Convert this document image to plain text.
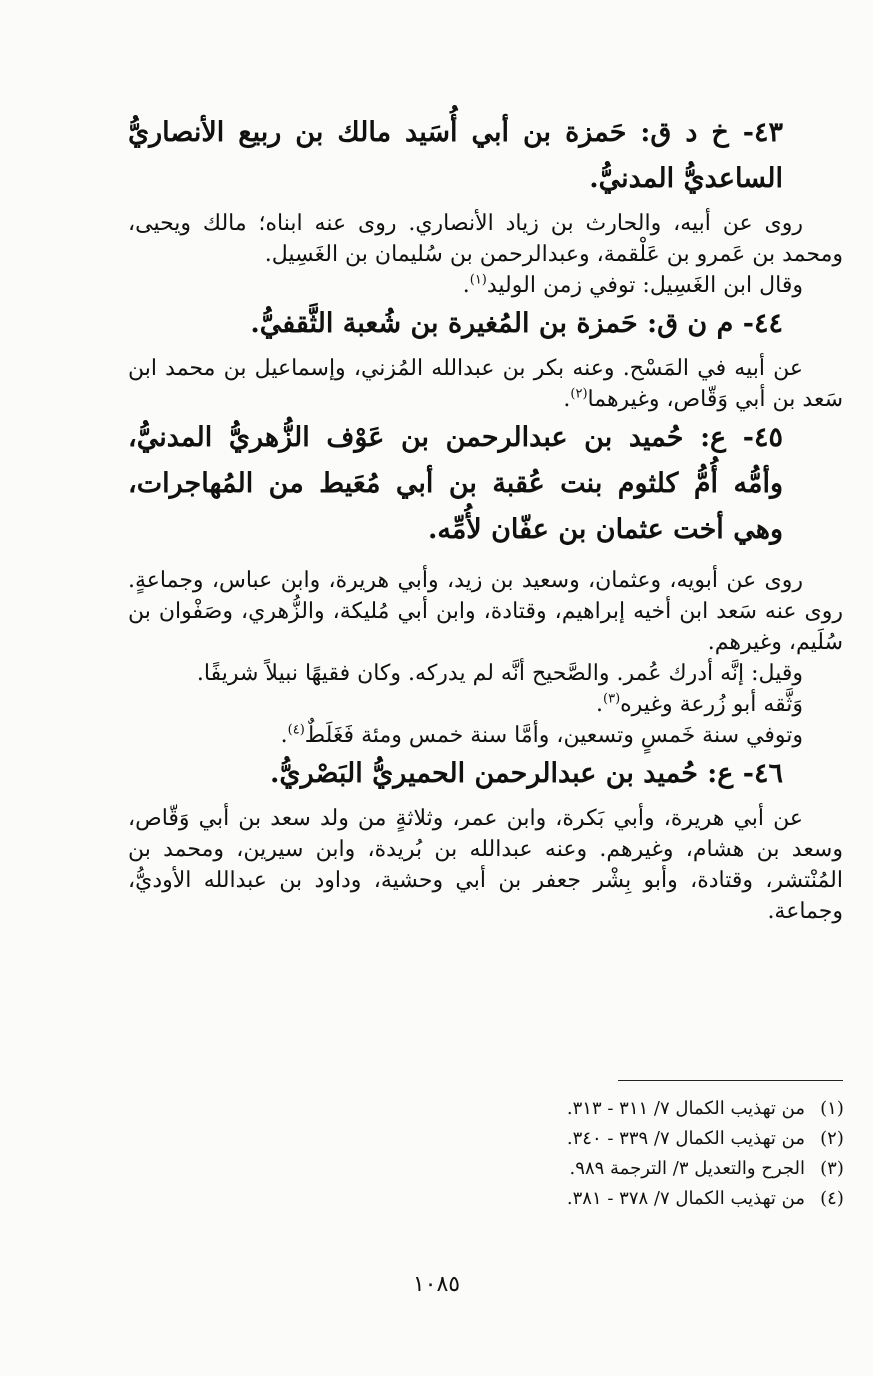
٤٣- خ د ق: حَمزة بن أبي أُسَيد مالك بن ربيع الأنصاريُّ الساعديُّ المدنيُّ.

روى عن أبيه، والحارث بن زياد الأنصاري. روى عنه ابناه؛ مالك ويحيى، ومحمد بن عَمرو بن عَلْقمة، وعبدالرحمن بن سُليمان بن الغَسِيل.

وقال ابن الغَسِيل: توفي زمن الوليد$^{(١)}$.

٤٤- م ن ق: حَمزة بن المُغيرة بن شُعبة الثَّقفيُّ.

عن أبيه في المَسْح. وعنه بكر بن عبدالله المُزني، وإسماعيل بن محمد ابن سَعد بن أبي وَقّاص، وغيرهما$^{(٢)}$.

٤٥- ع: حُميد بن عبدالرحمن بن عَوْف الزُّهريُّ المدنيُّ، وأمُّه أُمُّ كلثوم بنت عُقبة بن أبي مُعَيط من المُهاجرات، وهي أخت عثمان بن عفّان لأُمِّه.

روى عن أبويه، وعثمان، وسعيد بن زيد، وأبي هريرة، وابن عباس، وجماعةٍ. روى عنه سَعد ابن أخيه إبراهيم، وقتادة، وابن أبي مُليكة، والزُّهري، وصَفْوان بن سُلَيم، وغيرهم.

وقيل: إنَّه أدرك عُمر. والصَّحيح أنَّه لم يدركه. وكان فقيهًا نبيلاً شريفًا.

وَثَّقه أبو زُرعة وغيره$^{(٣)}$.

وتوفي سنة خَمسٍ وتسعين، وأمَّا سنة خمس ومئة فَغَلَطٌ$^{(٤)}$.

٤٦- ع: حُميد بن عبدالرحمن الحميريُّ البَصْريُّ.

عن أبي هريرة، وأبي بَكرة، وابن عمر، وثلاثةٍ من ولد سعد بن أبي وَقّاص، وسعد بن هشام، وغيرهم. وعنه عبدالله بن بُريدة، وابن سيرين، ومحمد بن المُنْتشر، وقتادة، وأبو بِشْر جعفر بن أبي وحشية، وداود بن عبدالله الأوديُّ، وجماعة.

(١)
من تهذيب الكمال ٧/ ٣١١ - ٣١٣.
(٢)
من تهذيب الكمال ٧/ ٣٣٩ - ٣٤٠.
(٣)
الجرح والتعديل ٣/ الترجمة ٩٨٩.
(٤)
من تهذيب الكمال ٧/ ٣٧٨ - ٣٨١.
١٠٨٥
